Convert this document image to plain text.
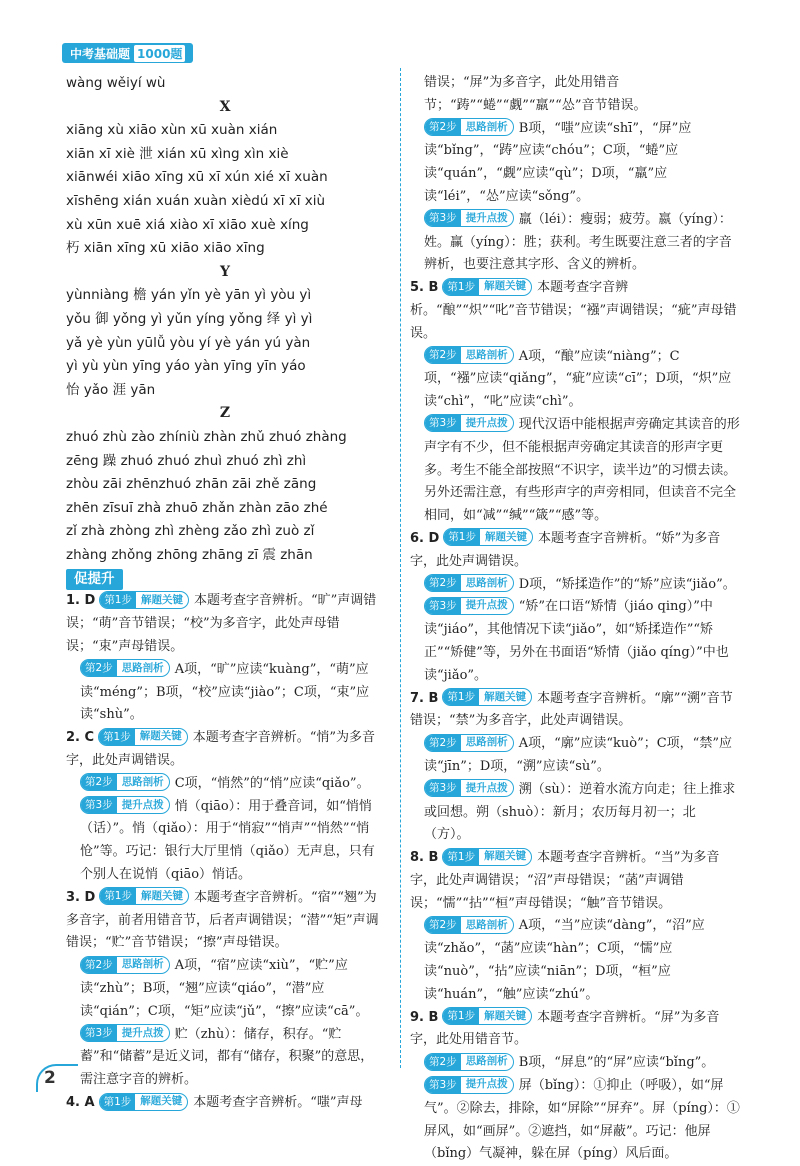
中考基础题 1000题

wàng wěiyí wù

X

xiāng xù xiāo xùn xū xuàn xián

xiān xī xiè 泄 xián xū xìng xìn xiè

xiānwéi xiāo xīng xū xī xún xié xī xuàn

xīshēng xián xuán xuàn xièdú xī xī xiù

xù xūn xuē xiá xiào xī xiāo xuè xíng

朽 xiān xīng xū xiāo xiāo xīng

Y

yùnniàng 檐 yán yǐn yè yān yì yòu yì

yǒu 御 yǒng yì yǔn yíng yǒng 绎 yì yì

yǎ yè yùn yūlǚ yòu yí yè yán yú yàn

yì yù yùn yīng yáo yàn yīng yīn yáo

怡 yǎo 涯 yān

Z

zhuó zhù zào zhíniù zhàn zhǔ zhuó zhàng

zēng 躁 zhuó zhuó zhuì zhuó zhì zhì

zhòu zāi zhēnzhuó zhān zāi zhě zāng

zhēn zīsuī zhà zhuō zhǎn zhàn zāo zhé

zǐ zhà zhòng zhì zhèng zǎo zhì zuò zǐ

zhàng zhǒng zhōng zhāng zī 震 zhān

促提升

1. D 第1步 解题关键 本题考查字音辨析。“旷”声调错误；“萌”音节错误；“校”为多音字，此处声母错误；“束”声母错误。

第2步 思路剖析 A项，“旷”应读“kuàng”，“萌”应读“méng”；B项，“校”应读“jiào”；C项，“束”应读“shù”。

2. C 第1步 解题关键 本题考查字音辨析。“悄”为多音字，此处声调错误。

第2步 思路剖析 C项，“悄然”的“悄”应读“qiǎo”。

第3步 提升点拨 悄（qiāo）：用于叠音词，如“悄悄（话）”。悄（qiǎo）：用于“悄寂”“悄声”“悄然”“悄怆”等。巧记：银行大厅里悄（qiǎo）无声息，只有个别人在说悄（qiāo）悄话。

3. D 第1步 解题关键 本题考查字音辨析。“宿”“翘”为多音字，前者用错音节，后者声调错误；“潜”“矩”声调错误；“贮”音节错误；“擦”声母错误。

第2步 思路剖析 A项，“宿”应读“xiù”，“贮”应读“zhù”；B项，“翘”应读“qiáo”，“潜”应读“qián”；C项，“矩”应读“jǔ”，“擦”应读“cā”。

第3步 提升点拨 贮（zhù）：储存，积存。“贮蓄”和“储蓄”是近义词，都有“储存，积聚”的意思，需注意字音的辨析。

4. A 第1步 解题关键 本题考查字音辨析。“嗤”声母

错误；“屏”为多音字，此处用错音节；“踌”“蜷”“觑”“羸”“怂”音节错误。

第2步 思路剖析 B项，“嗤”应读“shī”，“屏”应读“bǐng”，“踌”应读“chóu”；C项，“蜷”应读“quán”，“觑”应读“qù”；D项，“羸”应读“léi”，“怂”应读“sǒng”。

第3步 提升点拨 羸（léi）：瘦弱；疲劳。嬴（yíng）：姓。赢（yíng）：胜；获利。考生既要注意三者的字音辨析，也要注意其字形、含义的辨析。

5. B 第1步 解题关键 本题考查字音辨析。“酿”“炽”“叱”音节错误；“襁”声调错误；“疵”声母错误。

第2步 思路剖析 A项，“酿”应读“niàng”；C项，“襁”应读“qiǎng”，“疵”应读“cī”；D项，“炽”应读“chì”，“叱”应读“chì”。

第3步 提升点拨 现代汉语中能根据声旁确定其读音的形声字有不少，但不能根据声旁确定其读音的形声字更多。考生不能全部按照“不识字，读半边”的习惯去读。另外还需注意，有些形声字的声旁相同，但读音不完全相同，如“减”“缄”“箴”“感”等。

6. D 第1步 解题关键 本题考查字音辨析。“娇”为多音字，此处声调错误。

第2步 思路剖析 D项，“矫揉造作”的“矫”应读“jiǎo”。

第3步 提升点拨 “矫”在口语“矫情（jiáo qing）”中读“jiáo”，其他情况下读“jiǎo”，如“矫揉造作”“矫正”“矫健”等，另外在书面语“矫情（jiǎo qíng）”中也读“jiǎo”。

7. B 第1步 解题关键 本题考查字音辨析。“廓”“溯”音节错误；“禁”为多音字，此处声调错误。

第2步 思路剖析 A项，“廓”应读“kuò”；C项，“禁”应读“jīn”；D项，“溯”应读“sù”。

第3步 提升点拨 溯（sù）：逆着水流方向走；往上推求或回想。朔（shuò）：新月；农历每月初一；北（方）。

8. B 第1步 解题关键 本题考查字音辨析。“当”为多音字，此处声调错误；“沼”声母错误；“菡”声调错误；“懦”“拈”“桓”声母错误；“触”音节错误。

第2步 思路剖析 A项，“当”应读“dàng”，“沼”应读“zhǎo”，“菡”应读“hàn”；C项，“懦”应读“nuò”，“拈”应读“niān”；D项，“桓”应读“huán”，“触”应读“zhú”。

9. B 第1步 解题关键 本题考查字音辨析。“屏”为多音字，此处用错音节。

第2步 思路剖析 B项，“屏息”的“屏”应读“bǐng”。

第3步 提升点拨 屏（bǐng）：①抑止（呼吸），如“屏气”。②除去，排除，如“屏除”“屏弃”。屏（píng）：①屏风，如“画屏”。②遮挡，如“屏蔽”。巧记：他屏（bǐng）气凝神，躲在屏（píng）风后面。

2
